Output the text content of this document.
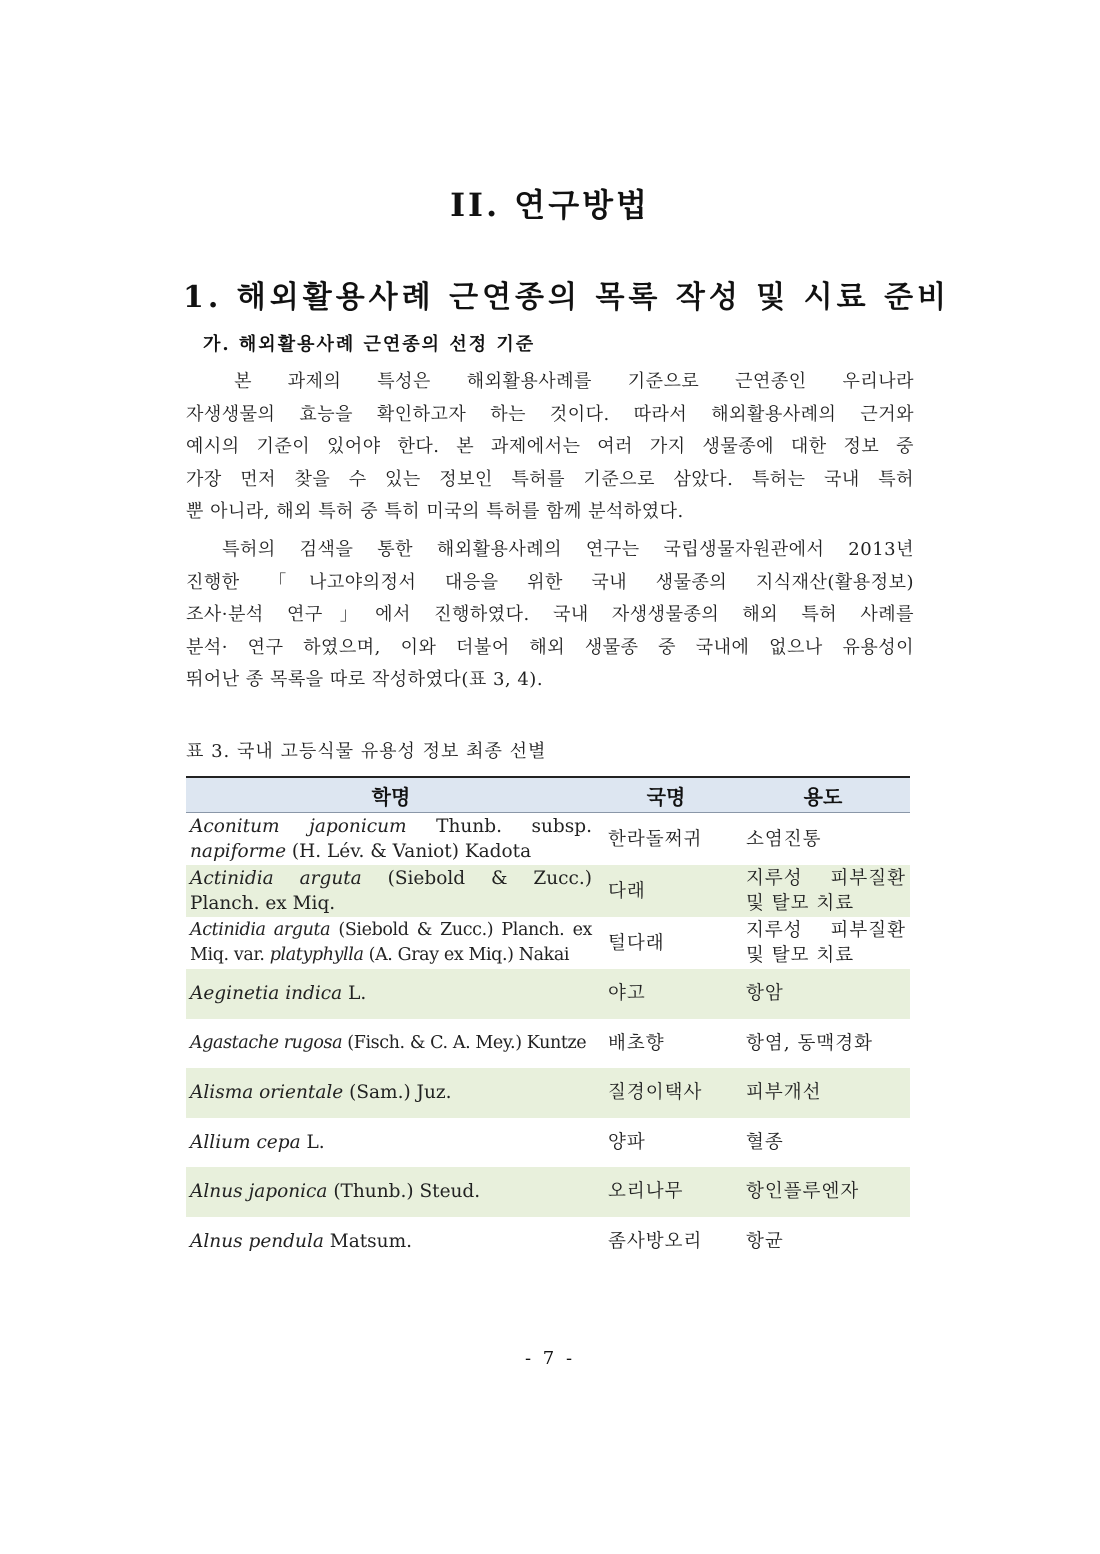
II. 연구방법
1. 해외활용사례 근연종의 목록 작성 및 시료 준비
가. 해외활용사례 근연종의 선정 기준

　본 과제의 특성은 해외활용사례를 기준으로 근연종인 우리나라
자생생물의 효능을 확인하고자 하는 것이다. 따라서 해외활용사례의 근거와
예시의 기준이 있어야 한다. 본 과제에서는 여러 가지 생물종에 대한 정보 중
가장 먼저 찾을 수 있는 정보인 특허를 기준으로 삼았다. 특허는 국내 특허
뿐 아니라, 해외 특허 중 특히 미국의 특허를 함께 분석하였다.

　특허의 검색을 통한 해외활용사례의 연구는 국립생물자원관에서 2013년
진행한 「나고야의정서 대응을 위한 국내 생물종의 지식재산(활용정보)
조사·분석 연구」에서 진행하였다. 국내 자생생물종의 해외 특허 사례를
분석· 연구 하였으며, 이와 더불어 해외 생물종 중 국내에 없으나 유용성이
뛰어난 종 목록을 따로 작성하였다(표 3, 4).

표 3. 국내 고등식물 유용성 정보 최종 선별
학명	국명	용도

Aconitum japonicum Thunb. subsp.
napiforme (H. Lév. & Vaniot) Kadota	한라돌쩌귀	소염진통

Actinidia arguta (Siebold & Zucc.)
Planch. ex Miq.	다래	지루성 피부질환
및 탈모 치료

Actinidia arguta (Siebold & Zucc.) Planch. ex
Miq. var. platyphylla (A. Gray ex Miq.) Nakai	털다래	지루성 피부질환
및 탈모 치료

Aeginetia indica L.	야고	항암
Agastache rugosa (Fisch. & C. A. Mey.) Kuntze	배초향	항염, 동맥경화
Alisma orientale (Sam.) Juz.	질경이택사	피부개선
Allium cepa L.	양파	혈종
Alnus japonica (Thunb.) Steud.	오리나무	항인플루엔자
Alnus pendula Matsum.	좀사방오리	항균
- 7 -
